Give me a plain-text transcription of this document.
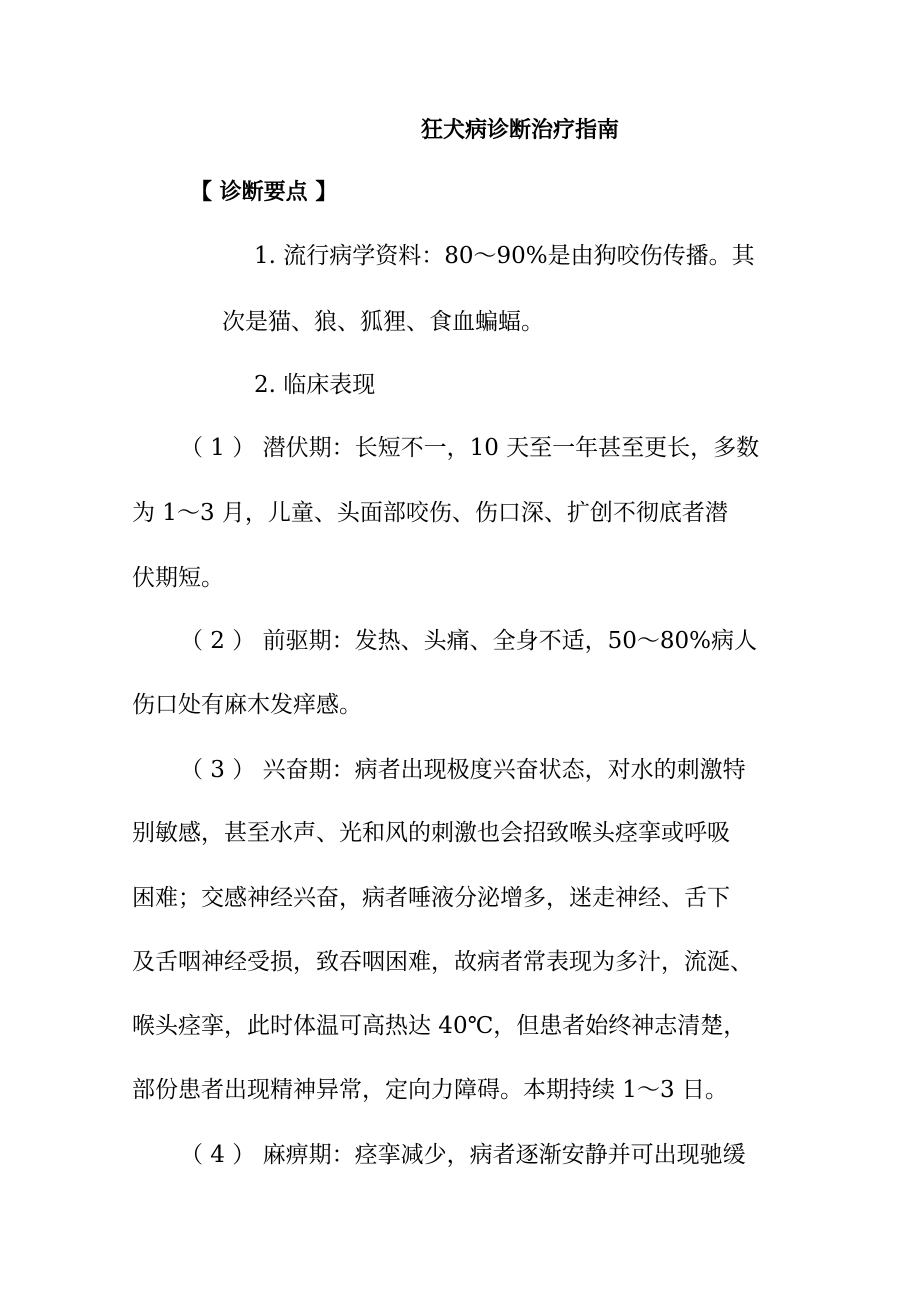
狂犬病诊断治疗指南
【 诊断要点 】
1. 流行病学资料：80～90%是由狗咬伤传播。其
次是猫、狼、狐狸、食血蝙蝠。
2. 临床表现
（ 1 ） 潜伏期：长短不一，10 天至一年甚至更长，多数
为 1～3 月，儿童、头面部咬伤、伤口深、扩创不彻底者潜
伏期短。
（ 2 ） 前驱期：发热、头痛、全身不适，50～80%病人
伤口处有麻木发痒感。
（ 3 ） 兴奋期：病者出现极度兴奋状态，对水的刺激特
别敏感，甚至水声、光和风的刺激也会招致喉头痉挛或呼吸
困难；交感神经兴奋，病者唾液分泌增多，迷走神经、舌下
及舌咽神经受损，致吞咽困难，故病者常表现为多汁，流涎、
喉头痉挛，此时体温可高热达 40℃，但患者始终神志清楚，
部份患者出现精神异常，定向力障碍。本期持续 1～3 日。
（ 4 ） 麻痹期：痉挛减少，病者逐渐安静并可出现驰缓
